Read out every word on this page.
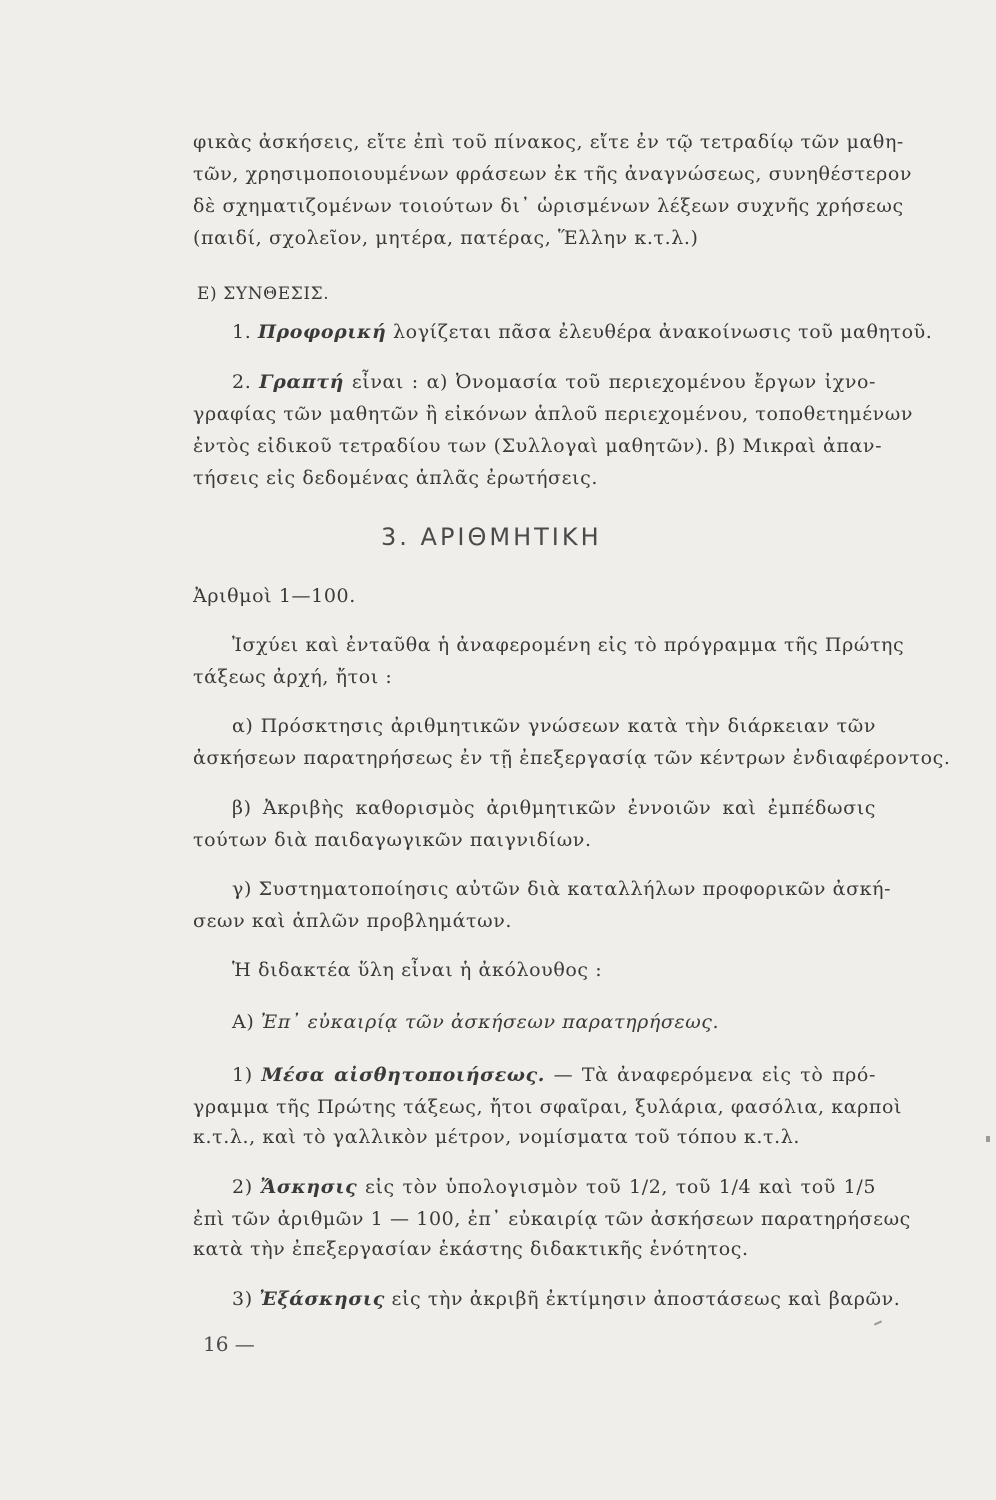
φικὰς ἀσκήσεις, εἴτε ἐπὶ τοῦ πίνακος, εἴτε ἐν τῷ τετραδίῳ τῶν μαθη-
τῶν, χρησιμοποιουμένων φράσεων ἐκ τῆς ἀναγνώσεως, συνηθέστερον
δὲ σχηματιζομένων τοιούτων δι᾽ ὡρισμένων λέξεων συχνῆς χρήσεως
(παιδί, σχολεῖον, μητέρα, πατέρας, Ἕλλην κ.τ.λ.)
Ε) ΣΥΝΘΕΣΙΣ.
1. Προφορική λογίζεται πᾶσα ἐλευθέρα ἀνακοίνωσις τοῦ μαθητοῦ.
2. Γραπτή εἶναι : α) Ὀνομασία τοῦ περιεχομένου ἔργων ἰχνο-
γραφίας τῶν μαθητῶν ἢ εἰκόνων ἁπλοῦ περιεχομένου, τοποθετημένων
ἐντὸς εἰδικοῦ τετραδίου των (Συλλογαὶ μαθητῶν). β) Μικραὶ ἀπαν-
τήσεις εἰς δεδομένας ἁπλᾶς ἐρωτήσεις.
3. ΑΡΙΘΜΗΤΙΚΗ
Ἀριθμοὶ 1—100.
Ἰσχύει καὶ ἐνταῦθα ἡ ἀναφερομένη εἰς τὸ πρόγραμμα τῆς Πρώτης
τάξεως ἀρχή, ἤτοι :
α) Πρόσκτησις ἀριθμητικῶν γνώσεων κατὰ τὴν διάρκειαν τῶν
ἀσκήσεων παρατηρήσεως ἐν τῇ ἐπεξεργασίᾳ τῶν κέντρων ἐνδιαφέροντος.
β) Ἀκριβὴς καθορισμὸς ἀριθμητικῶν ἐννοιῶν καὶ ἐμπέδωσις
τούτων διὰ παιδαγωγικῶν παιγνιδίων.
γ) Συστηματοποίησις αὐτῶν διὰ καταλλήλων προφορικῶν ἀσκή-
σεων καὶ ἁπλῶν προβλημάτων.
Ἡ διδακτέα ὕλη εἶναι ἡ ἀκόλουθος :
Α) Ἐπ᾽ εὐκαιρίᾳ τῶν ἀσκήσεων παρατηρήσεως.
1) Μέσα αἰσθητοποιήσεως. — Τὰ ἀναφερόμενα εἰς τὸ πρό-
γραμμα τῆς Πρώτης τάξεως, ἤτοι σφαῖραι, ξυλάρια, φασόλια, καρποὶ
κ.τ.λ., καὶ τὸ γαλλικὸν μέτρον, νομίσματα τοῦ τόπου κ.τ.λ.
2) Ἄσκησις εἰς τὸν ὑπολογισμὸν τοῦ 1/2, τοῦ 1/4 καὶ τοῦ 1/5
ἐπὶ τῶν ἀριθμῶν 1 — 100, ἐπ᾽ εὐκαιρίᾳ τῶν ἀσκήσεων παρατηρήσεως
κατὰ τὴν ἐπεξεργασίαν ἑκάστης διδακτικῆς ἑνότητος.
3) Ἐξάσκησις εἰς τὴν ἀκριβῆ ἐκτίμησιν ἀποστάσεως καὶ βαρῶν.
16 —
